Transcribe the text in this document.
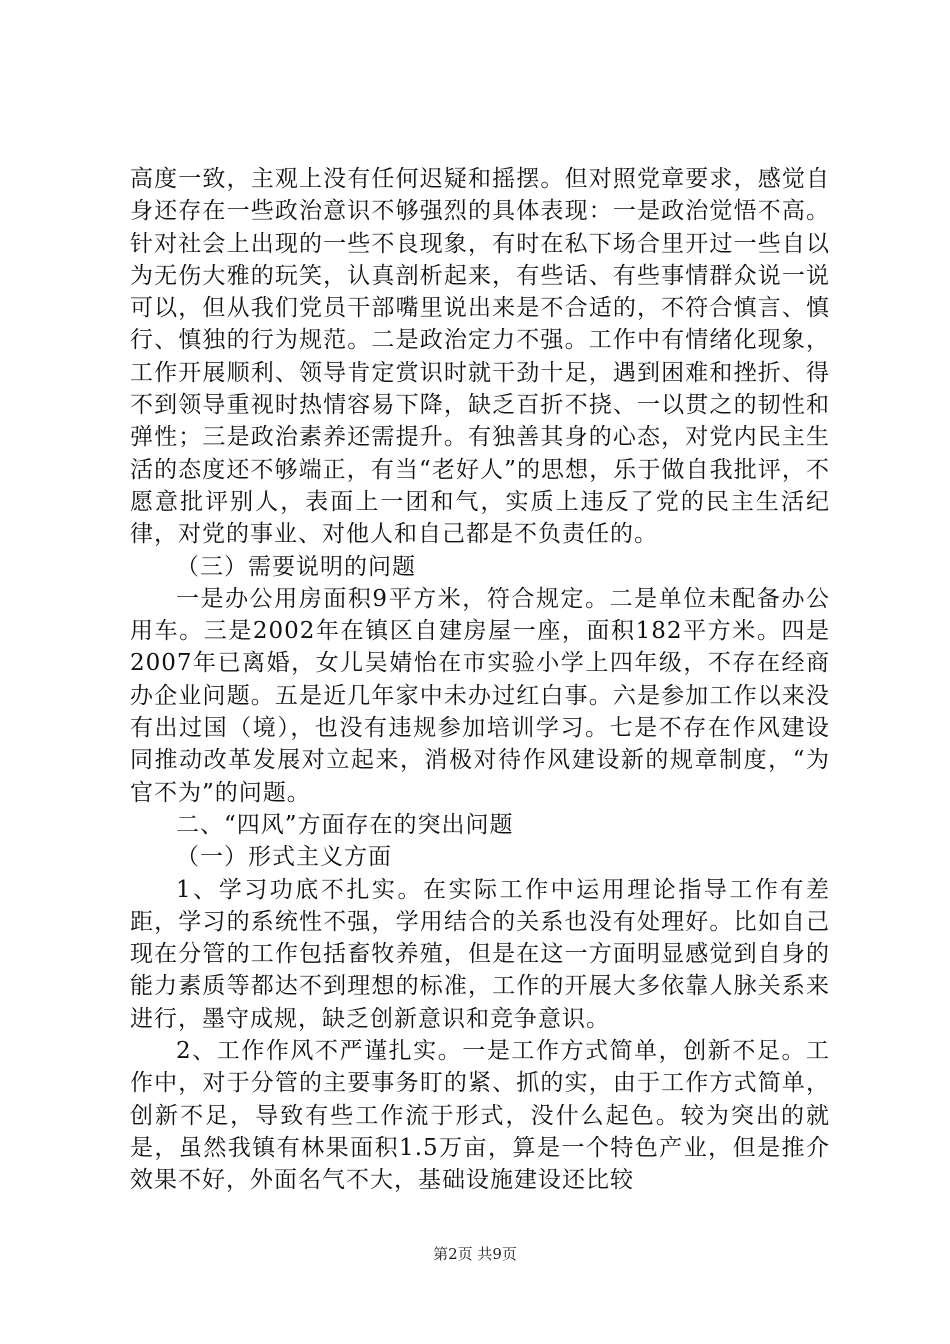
高度一致，主观上没有任何迟疑和摇摆。但对照党章要求，感觉自身还存在一些政治意识不够强烈的具体表现：一是政治觉悟不高。针对社会上出现的一些不良现象，有时在私下场合里开过一些自以为无伤大雅的玩笑，认真剖析起来，有些话、有些事情群众说一说可以，但从我们党员干部嘴里说出来是不合适的，不符合慎言、慎行、慎独的行为规范。二是政治定力不强。工作中有情绪化现象，工作开展顺利、领导肯定赏识时就干劲十足，遇到困难和挫折、得不到领导重视时热情容易下降，缺乏百折不挠、一以贯之的韧性和弹性；三是政治素养还需提升。有独善其身的心态，对党内民主生活的态度还不够端正，有当“老好人”的思想，乐于做自我批评，不愿意批评别人，表面上一团和气，实质上违反了党的民主生活纪律，对党的事业、对他人和自己都是不负责任的。

（三）需要说明的问题

一是办公用房面积9平方米，符合规定。二是单位未配备办公用车。三是2002年在镇区自建房屋一座，面积182平方米。四是2007年已离婚，女儿吴婧怡在市实验小学上四年级，不存在经商办企业问题。五是近几年家中未办过红白事。六是参加工作以来没有出过国（境），也没有违规参加培训学习。七是不存在作风建设同推动改革发展对立起来，消极对待作风建设新的规章制度，“为官不为”的问题。

二、“四风”方面存在的突出问题

（一）形式主义方面

1、学习功底不扎实。在实际工作中运用理论指导工作有差距，学习的系统性不强，学用结合的关系也没有处理好。比如自己现在分管的工作包括畜牧养殖，但是在这一方面明显感觉到自身的能力素质等都达不到理想的标准，工作的开展大多依靠人脉关系来进行，墨守成规，缺乏创新意识和竞争意识。

2、工作作风不严谨扎实。一是工作方式简单，创新不足。工作中，对于分管的主要事务盯的紧、抓的实，由于工作方式简单，创新不足，导致有些工作流于形式，没什么起色。较为突出的就是，虽然我镇有林果面积1.5万亩，算是一个特色产业，但是推介效果不好，外面名气不大，基础设施建设还比较

第2页 共9页
